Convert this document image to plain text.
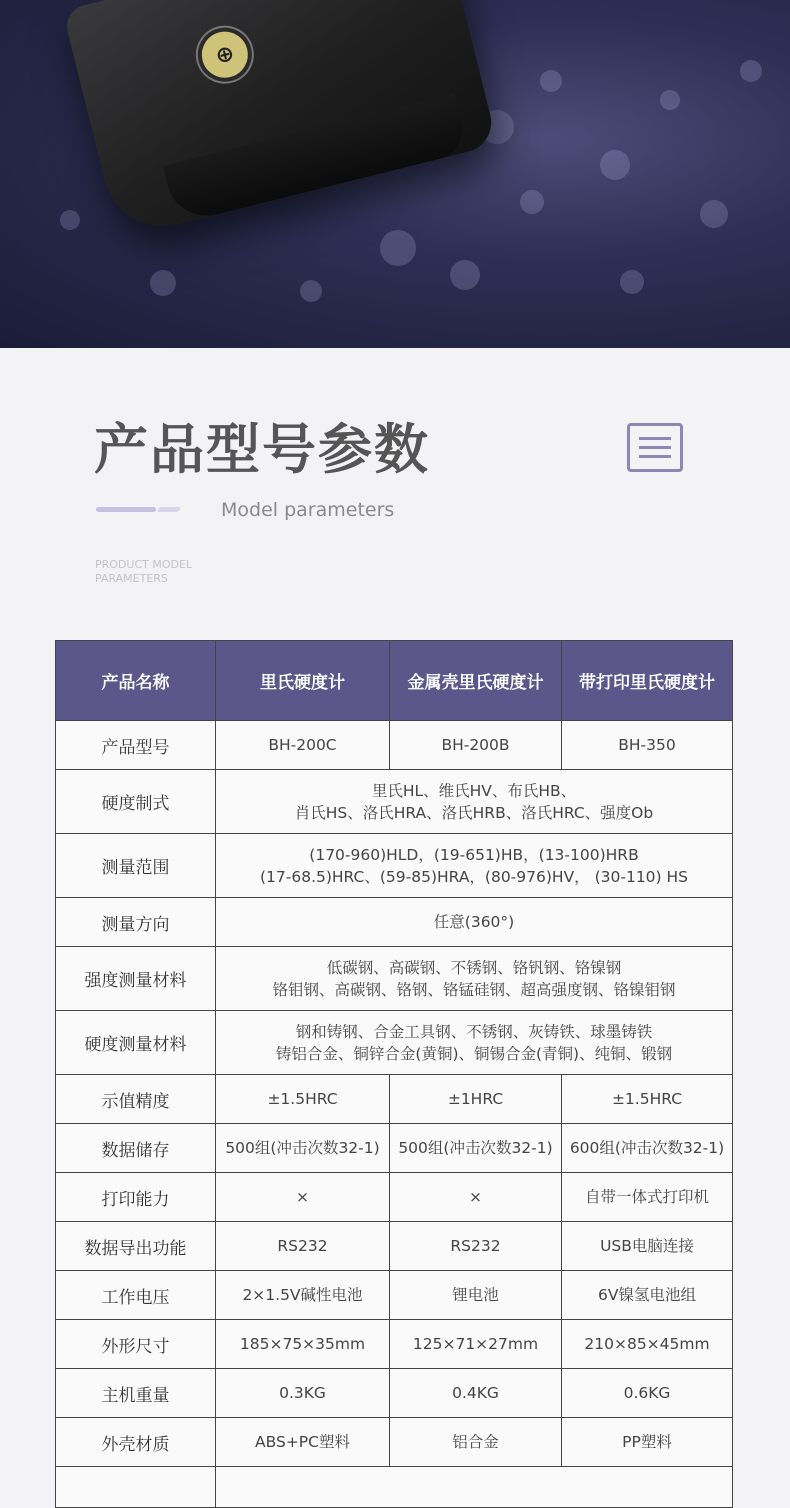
⊕
产品型号参数
Model parameters
PRODUCT MODEL
PARAMETERS
产品名称	里氏硬度计	金属壳里氏硬度计	带打印里氏硬度计
产品型号	BH-200C	BH-200B	BH-350
硬度制式	里氏HL、维氏HV、布氏HB、
肖氏HS、洛氏HRA、洛氏HRB、洛氏HRC、强度Ob		

测量范围	(170-960)HLD，(19-651)HB，(13-100)HRB
(17-68.5)HRC、(59-85)HRA，(80-976)HV， (30-110) HS		

测量方向	任意(360°)		

强度测量材料	低碳钢、高碳钢、不锈钢、铬钒钢、铬镍钢
铬钼钢、高碳钢、铬钢、铬锰硅钢、超高强度钢、铬镍钼钢		

硬度测量材料	钢和铸钢、合金工具钢、不锈钢、灰铸铁、球墨铸铁
铸铝合金、铜锌合金(黄铜)、铜锡合金(青铜)、纯铜、锻钢		

示值精度	±1.5HRC	±1HRC	±1.5HRC
数据储存	500组(冲击次数32-1)	500组(冲击次数32-1)	600组(冲击次数32-1)
打印能力	×	×	自带一体式打印机
数据导出功能	RS232	RS232	USB电脑连接
工作电压	2×1.5V碱性电池	锂电池	6V镍氢电池组
外形尺寸	185×75×35mm	125×71×27mm	210×85×45mm
主机重量	0.3KG	0.4KG	0.6KG
外壳材质	ABS+PC塑料	铝合金	PP塑料
